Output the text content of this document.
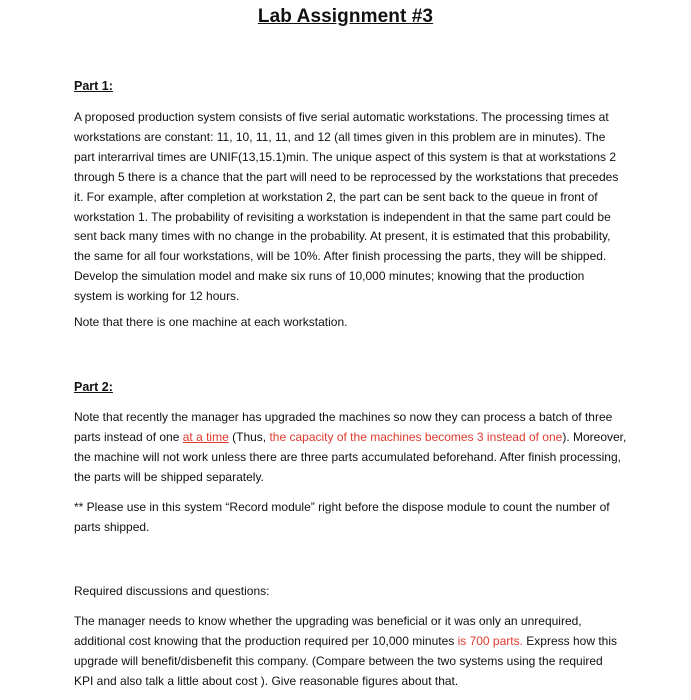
Lab Assignment #3
Part 1:
A proposed production system consists of five serial automatic workstations. The processing times at
workstations are constant: 11, 10, 11, 11, and 12 (all times given in this problem are in minutes). The
part interarrival times are UNIF(13,15.1)min. The unique aspect of this system is that at workstations 2
through 5 there is a chance that the part will need to be reprocessed by the workstations that precedes
it. For example, after completion at workstation 2, the part can be sent back to the queue in front of
workstation 1. The probability of revisiting a workstation is independent in that the same part could be
sent back many times with no change in the probability. At present, it is estimated that this probability,
the same for all four workstations, will be 10%. After finish processing the parts, they will be shipped.
Develop the simulation model and make six runs of 10,000 minutes; knowing that the production
system is working for 12 hours.
Note that there is one machine at each workstation.
Part 2:
Note that recently the manager has upgraded the machines so now they can process a batch of three
parts instead of one at a time (Thus, the capacity of the machines becomes 3 instead of one). Moreover,
the machine will not work unless there are three parts accumulated beforehand. After finish processing,
the parts will be shipped separately.
** Please use in this system “Record module” right before the dispose module to count the number of
parts shipped.
Required discussions and questions:
The manager needs to know whether the upgrading was beneficial or it was only an unrequired,
additional cost knowing that the production required per 10,000 minutes is 700 parts. Express how this
upgrade will benefit/disbenefit this company. (Compare between the two systems using the required
KPI and also talk a little about cost ). Give reasonable figures about that.
